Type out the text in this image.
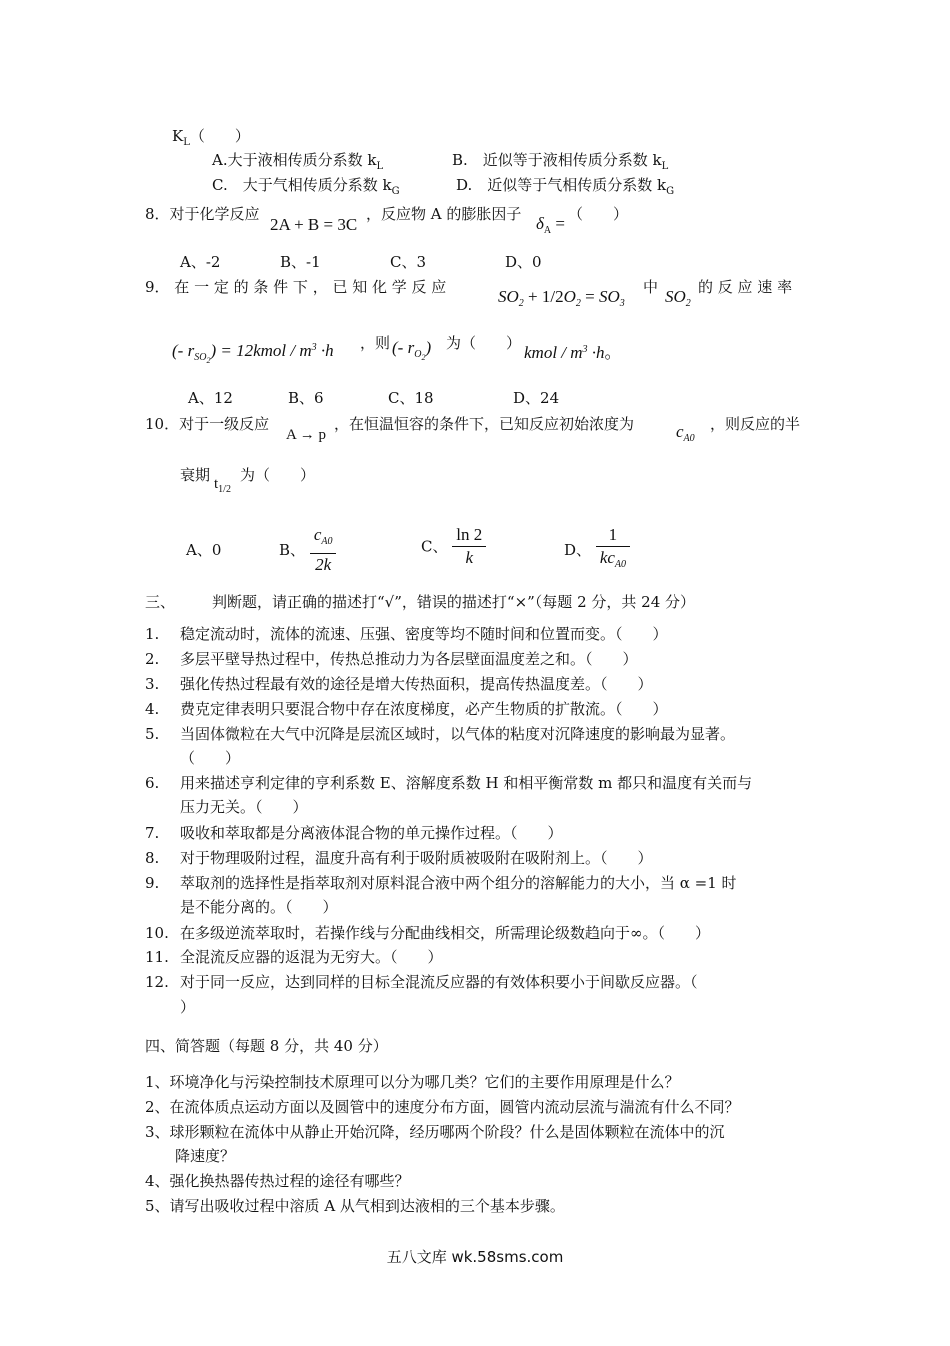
$K_L$（　　）
A.大于液相传质分系数 $k_L$	B.　近似等于液相传质分系数 $k_L$
C.　大于气相传质分系数 $k_G$	D.　近似等于气相传质分系数 $k_G$
8．对于化学反应
2A + B = 3C
，反应物 A 的膨胀因子 $\delta_A$ = （　　）
A、-2	B、-1	C、3	D、0
9． 在 一 定 的 条 件 下 ， 已 知 化 学 反 应	$SO_2 + 1/2O_2 = SO_3$
中 $SO_2$
的 反 应 速 率
(- $r_{SO2}$) = 12kmol / $m^3 \cdot h$ ，则 (- $r_{O2}$) 为（　　） kmol / $m^3 \cdot h$。
A、12	B、6	C、18	D、24
10．对于一级反应
A → p
，在恒温恒容的条件下，已知反应初始浓度为 $c_{A0}$
，则反应的半
衰期 $t_{1/2}$
为（　　）
A、0	B、 $\frac{c_{A0}}{2k}$	C、 $\frac{\ln 2}{k}$	D、 $\frac{1}{kc_{A0}}$
三、 判断题，请正确的描述打“√”，错误的描述打“×”（每题 2 分，共 24 分）
1. 稳定流动时，流体的流速、压强、密度等均不随时间和位置而变。（　　）
2. 多层平壁导热过程中，传热总推动力为各层壁面温度差之和。（　　）
3. 强化传热过程最有效的途径是增大传热面积，提高传热温度差。（　　）
4. 费克定律表明只要混合物中存在浓度梯度，必产生物质的扩散流。（　　）
5. 当固体微粒在大气中沉降是层流区域时，以气体的粘度对沉降速度的影响最为显著。
（　　）
6. 用来描述亨利定律的亨利系数 E、溶解度系数 H 和相平衡常数 m 都只和温度有关而与
压力无关。（　　）
7. 吸收和萃取都是分离液体混合物的单元操作过程。（　　）
8. 对于物理吸附过程，温度升高有利于吸附质被吸附在吸附剂上。（　　）
9. 萃取剂的选择性是指萃取剂对原料混合液中两个组分的溶解能力的大小，当 α =1 时
是不能分离的。（　　）
10. 在多级逆流萃取时，若操作线与分配曲线相交，所需理论级数趋向于∞。（　　）
11. 全混流反应器的返混为无穷大。（　　）
12. 对于同一反应，达到同样的目标全混流反应器的有效体积要小于间歇反应器。（
）
四、简答题（每题 8 分，共 40 分）
1、环境净化与污染控制技术原理可以分为哪几类？它们的主要作用原理是什么？
2、在流体质点运动方面以及圆管中的速度分布方面，圆管内流动层流与湍流有什么不同？
3、球形颗粒在流体中从静止开始沉降，经历哪两个阶段？什么是固体颗粒在流体中的沉
降速度？
4、强化换热器传热过程的途径有哪些？
5、请写出吸收过程中溶质 A 从气相到达液相的三个基本步骤。
五八文库 wk.58sms.com
